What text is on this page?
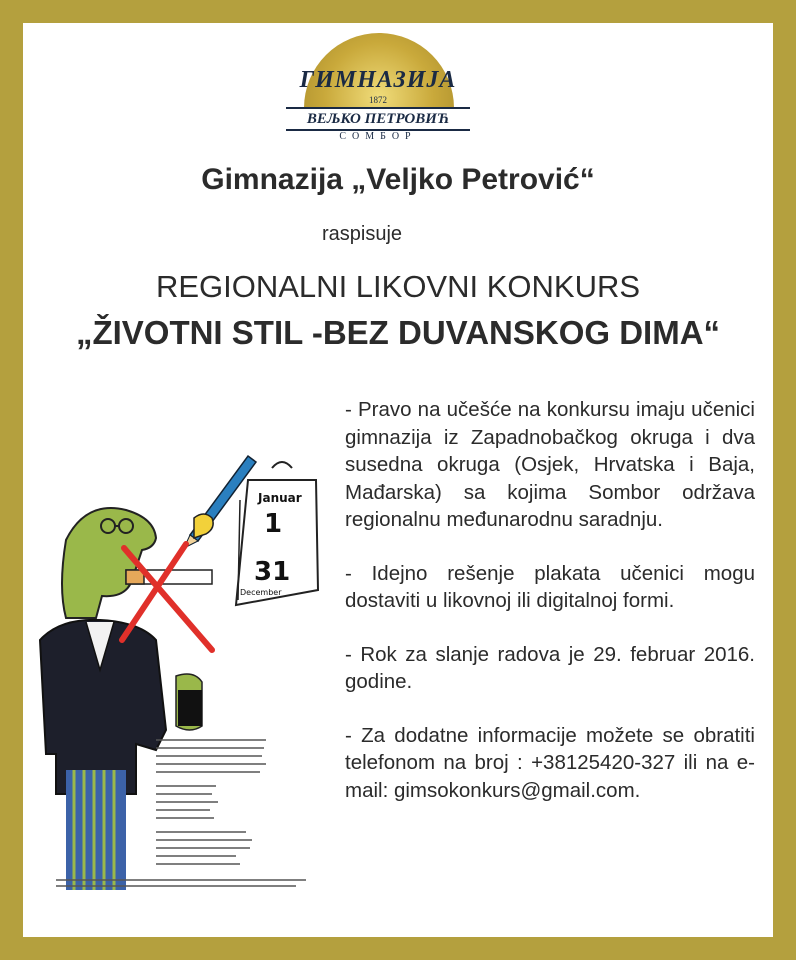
ГИМНАЗИЈА
1872
ВЕЉКО ПЕТРОВИЋ
СОМБОР
Gimnazija „Veljko Petrović“
raspisuje
REGIONALNI LIKOVNI KONKURS
„ŽIVOTNI STIL -BEZ DUVANSKOG DIMA“
Januar
1
31
December

- Pravo na učešće na konkursu imaju učenici gimnazija iz Zapadnobačkog okruga i dva susedna okruga (Osjek, Hrvatska i Baja, Mađarska) sa kojima Sombor održava regionalnu međunarodnu saradnju.

- Idejno rešenje plakata učenici mogu dostaviti u likovnoj ili digitalnoj formi.

- Rok za slanje radova je 29. februar 2016. godine.

- Za dodatne informacije možete se obratiti telefonom na broj : +38125420-327 ili na e-mail: gimsokonkurs@gmail.com.
